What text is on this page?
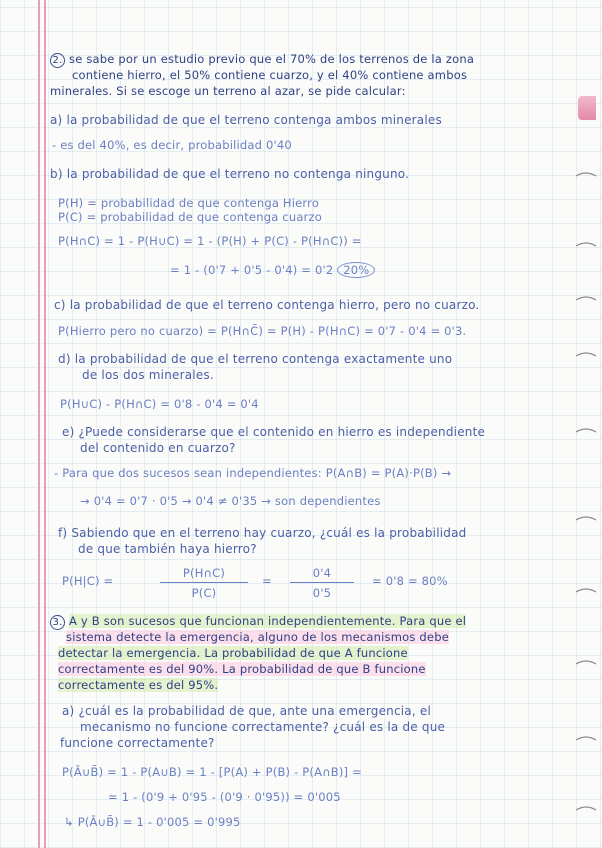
2. se sabe por un estudio previo que el 70% de los terrenos de la zona
contiene hierro, el 50% contiene cuarzo, y el 40% contiene ambos
minerales. Si se escoge un terreno al azar, se pide calcular:
a) la probabilidad de que el terreno contenga ambos minerales
- es del 40%, es decir, probabilidad 0'40
b) la probabilidad de que el terreno no contenga ninguno.
P(H) = probabilidad de que contenga Hierro
P(C) = probabilidad de que contenga cuarzo
P(H∩C) = 1 - P(H∪C) = 1 - (P(H) + P(C) - P(H∩C)) =
= 1 - (0'7 + 0'5 - 0'4) = 0'2 20%
c) la probabilidad de que el terreno contenga hierro, pero no cuarzo.
P(Hierro pero no cuarzo) = P(H∩C̄) = P(H) - P(H∩C) = 0'7 - 0'4 = 0'3.
d) la probabilidad de que el terreno contenga exactamente uno
de los dos minerales.
P(H∪C) - P(H∩C) = 0'8 - 0'4 = 0'4
e) ¿Puede considerarse que el contenido en hierro es independiente
del contenido en cuarzo?
- Para que dos sucesos sean independientes: P(A∩B) = P(A)·P(B) →
→ 0'4 = 0'7 · 0'5 → 0'4 ≠ 0'35 → son dependientes
f) Sabiendo que en el terreno hay cuarzo, ¿cuál es la probabilidad
de que también haya hierro?
P(H|C) =
P(H∩C)
P(C)
=
0'4
0'5
= 0'8 = 80%
3. A y B son sucesos que funcionan independientemente. Para que el
sistema detecte la emergencia, alguno de los mecanismos debe
detectar la emergencia. La probabilidad de que A funcione
correctamente es del 90%. La probabilidad de que B funcione
correctamente es del 95%.
a) ¿cuál es la probabilidad de que, ante una emergencia, el
mecanismo no funcione correctamente? ¿cuál es la de que
funcione correctamente?
P(Ā∪B̄) = 1 - P(A∪B) = 1 - [P(A) + P(B) - P(A∩B)] =
= 1 - (0'9 + 0'95 - (0'9 · 0'95)) = 0'005
↳ P(Ā∪B̄) = 1 - 0'005 = 0'995
